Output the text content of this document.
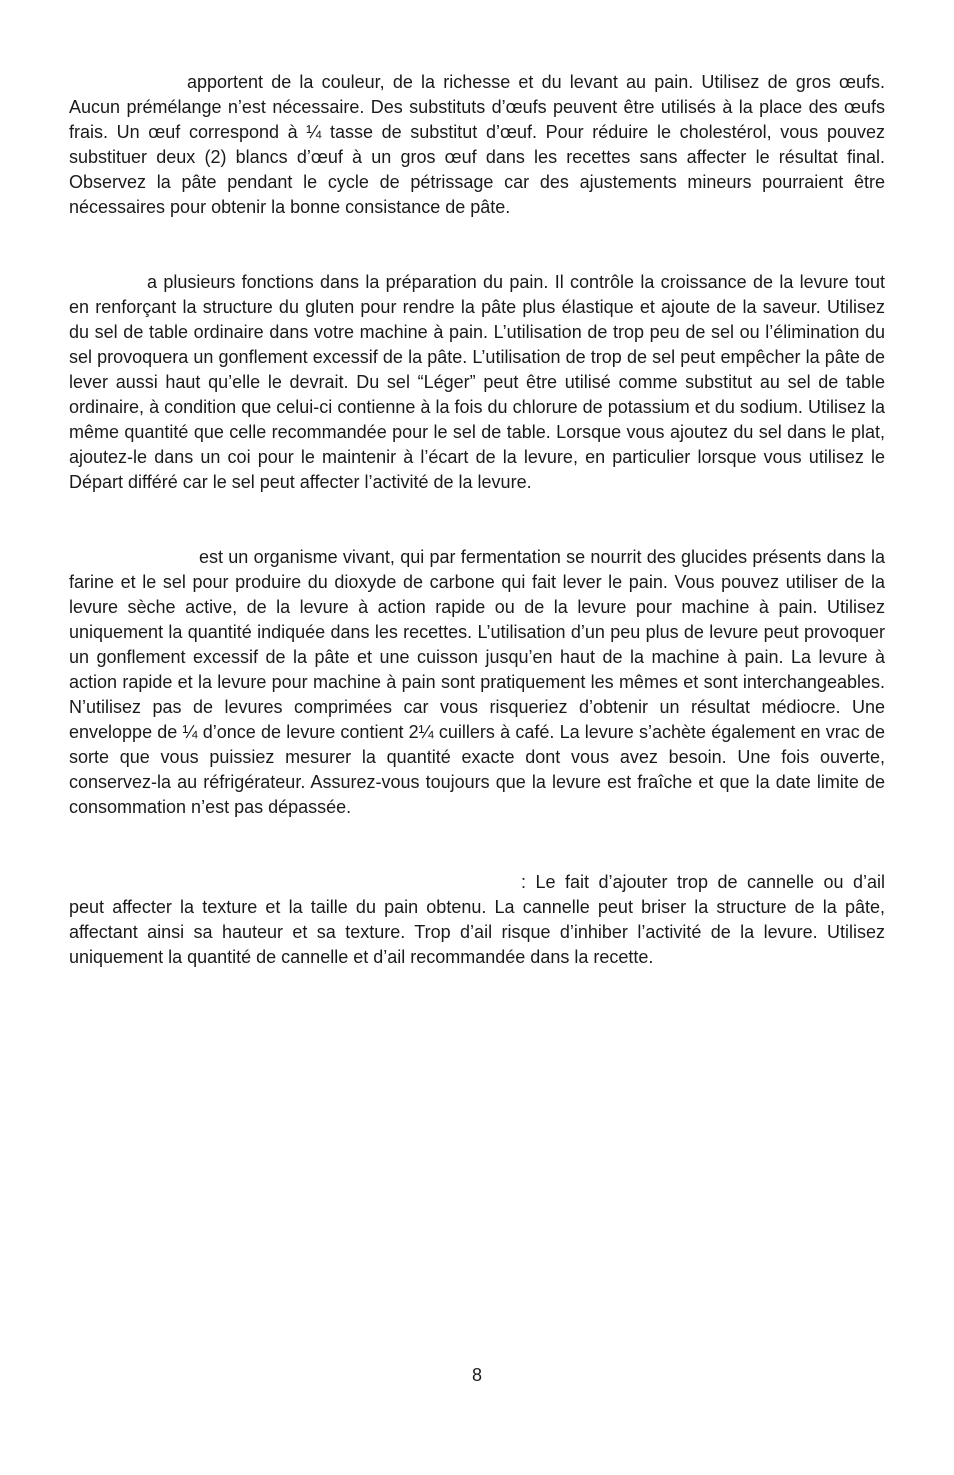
apportent de la couleur, de la richesse et du levant au pain. Utilisez de gros œufs. Aucun prémélange n’est nécessaire. Des substituts d’œufs peuvent être utilisés à la place des œufs frais. Un œuf correspond à ¼ tasse de substitut d’œuf. Pour réduire le cholestérol, vous pouvez substituer deux (2) blancs d’œuf à un gros œuf dans les recettes sans affecter le résultat final. Observez la pâte pendant le cycle de pétrissage car des ajustements mineurs pourraient être nécessaires pour obtenir la bonne consistance de pâte.

a plusieurs fonctions dans la préparation du pain. Il contrôle la croissance de la levure tout en renforçant la structure du gluten pour rendre la pâte plus élastique et ajoute de la saveur. Utilisez du sel de table ordinaire dans votre machine à pain. L’utilisation de trop peu de sel ou l’élimination du sel provoquera un gonflement excessif de la pâte. L’utilisation de trop de sel peut empêcher la pâte de lever aussi haut qu’elle le devrait. Du sel “Léger” peut être utilisé comme substitut au sel de table ordinaire, à condition que celui-ci contienne à la fois du chlorure de potassium et du sodium. Utilisez la même quantité que celle recommandée pour le sel de table. Lorsque vous ajoutez du sel dans le plat, ajoutez-le dans un coi pour le maintenir à l’écart de la levure, en particulier lorsque vous utilisez le Départ différé car le sel peut affecter l’activité de la levure.

est un organisme vivant, qui par fermentation se nourrit des glucides présents dans la farine et le sel pour produire du dioxyde de carbone qui fait lever le pain. Vous pouvez utiliser de la levure sèche active, de la levure à action rapide ou de la levure pour machine à pain. Utilisez uniquement la quantité indiquée dans les recettes. L’utilisation d’un peu plus de levure peut provoquer un gonflement excessif de la pâte et une cuisson jusqu’en haut de la machine à pain. La levure à action rapide et la levure pour machine à pain sont pratiquement les mêmes et sont interchangeables. N’utilisez pas de levures comprimées car vous risqueriez d’obtenir un résultat médiocre. Une enveloppe de ¼ d’once de levure contient 2¼ cuillers à café. La levure s’achète également en vrac de sorte que vous puissiez mesurer la quantité exacte dont vous avez besoin. Une fois ouverte, conservez-la au réfrigérateur. Assurez-vous toujours que la levure est fraîche et que la date limite de consommation n’est pas dépassée.

: Le fait d’ajouter trop de cannelle ou d’ail peut affecter la texture et la taille du pain obtenu. La cannelle peut briser la structure de la pâte, affectant ainsi sa hauteur et sa texture. Trop d’ail risque d’inhiber l’activité de la levure. Utilisez uniquement la quantité de cannelle et d’ail recommandée dans la recette.

8
